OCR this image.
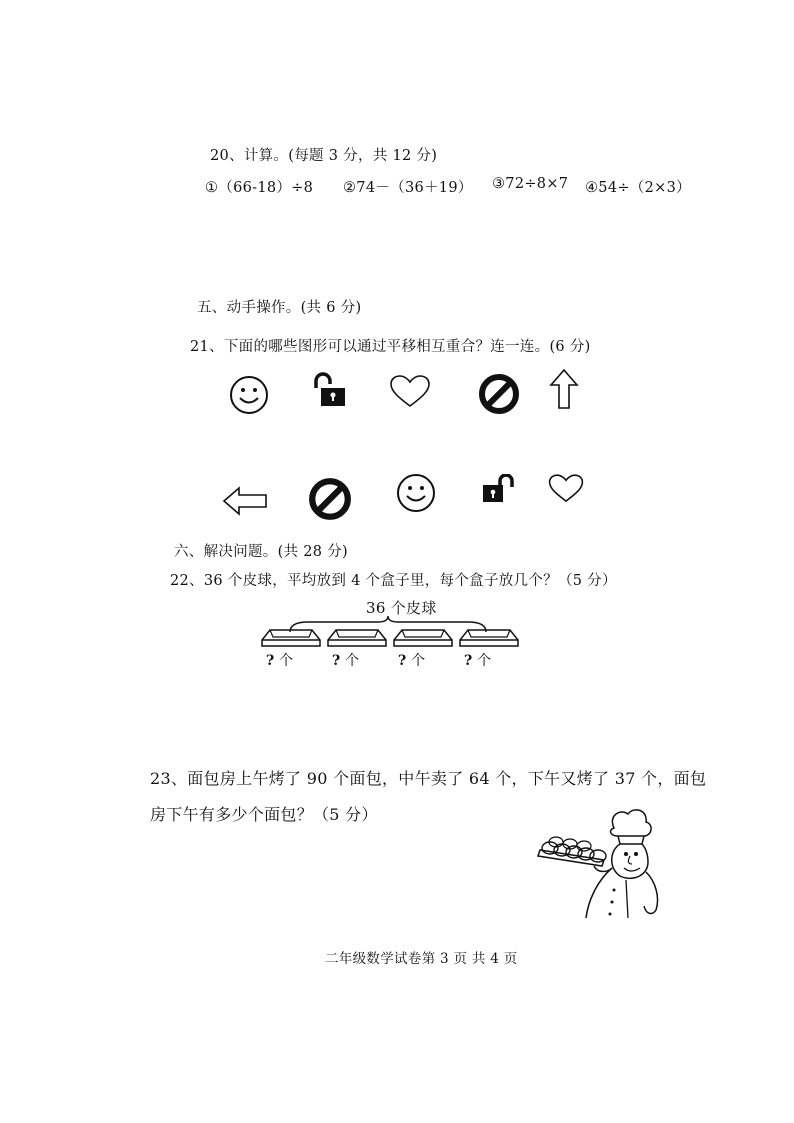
20、计算。(每题 3 分，共 12 分)
①（66-18）÷8 ②74－（36＋19） ③72÷8×7 ④54÷（2×3）
五、动手操作。(共 6 分)
21、下面的哪些图形可以通过平移相互重合？连一连。(6 分)
六、解决问题。(共 28 分)
22、36 个皮球，平均放到 4 个盒子里，每个盒子放几个？（5 分）
36 个皮球
? 个	? 个	? 个	? 个
23、面包房上午烤了 90 个面包，中午卖了 64 个，下午又烤了 37 个，面包
房下午有多少个面包？（5 分）
二年级数学试卷第 3 页 共 4 页
